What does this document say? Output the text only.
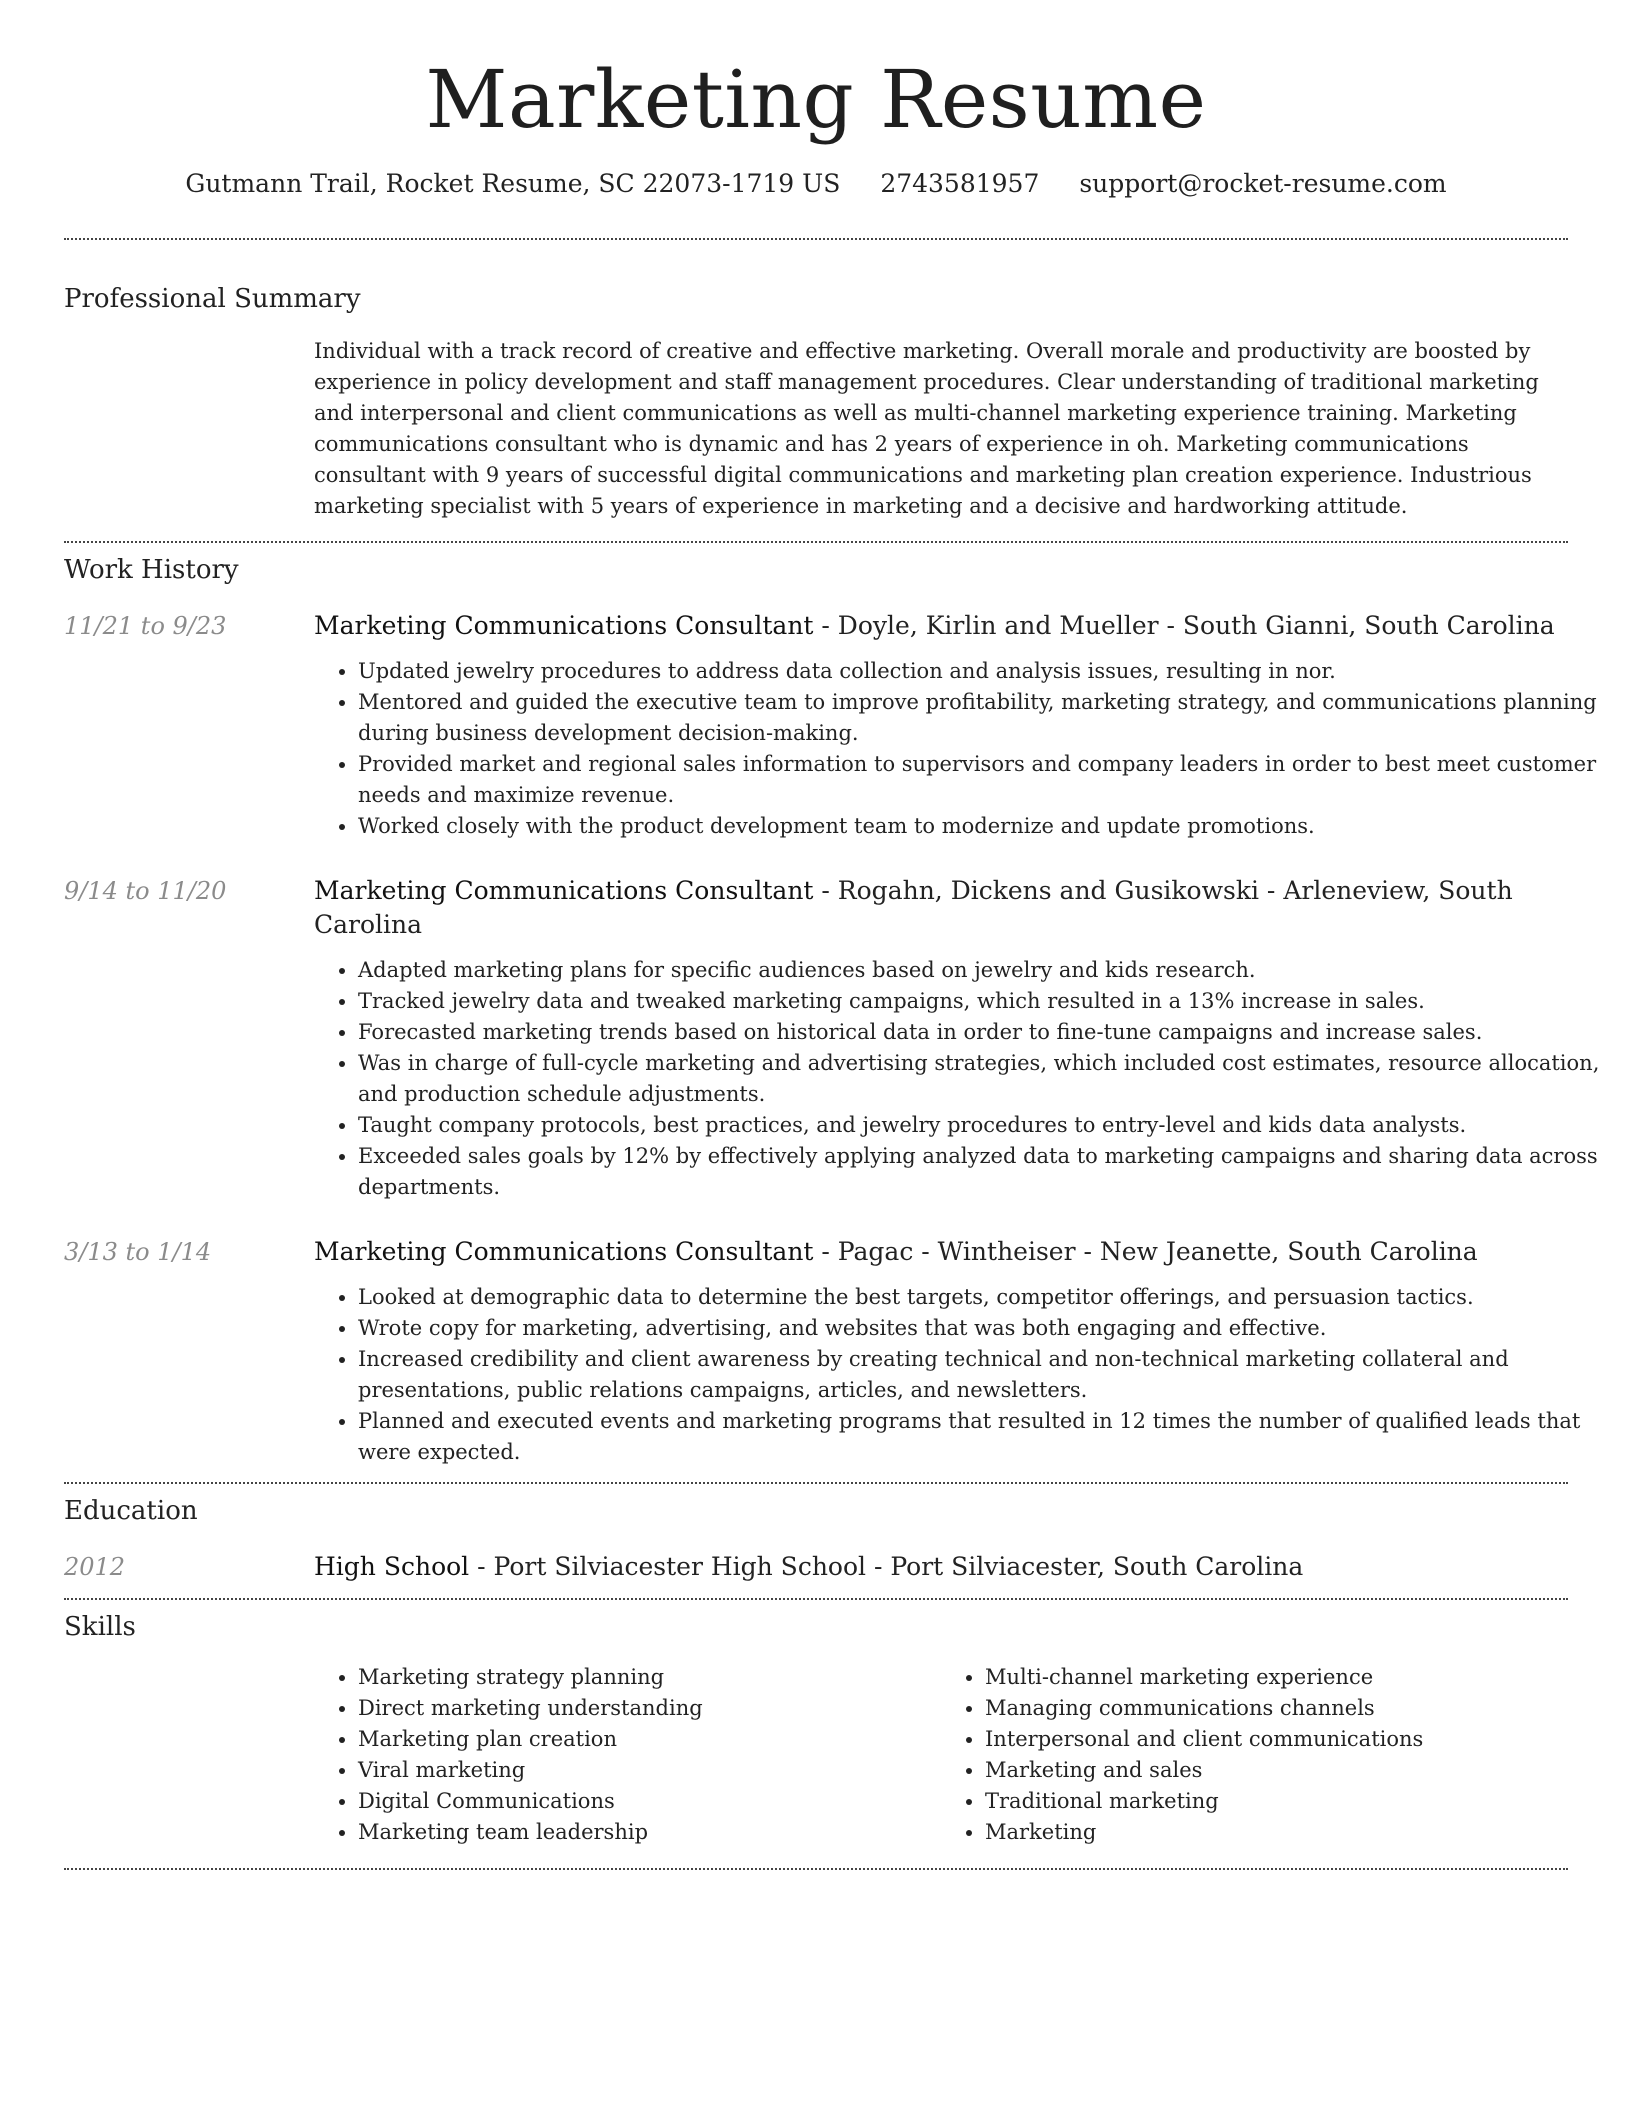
Marketing Resume
Gutmann Trail, Rocket Resume, SC 22073-1719 US 2743581957 support@rocket-resume.com
Professional Summary

Individual with a track record of creative and effective marketing. Overall morale and productivity are boosted by experience in policy development and staff management procedures. Clear understanding of traditional marketing and interpersonal and client communications as well as multi-channel marketing experience training. Marketing communications consultant who is dynamic and has 2 years of experience in oh. Marketing communications consultant with 9 years of successful digital communications and marketing plan creation experience. Industrious marketing specialist with 5 years of experience in marketing and a decisive and hardworking attitude.

Work History
11/21 to 9/23	Marketing Communications Consultant - Doyle, Kirlin and Mueller - South Gianni, South Carolina
• Updated jewelry procedures to address data collection and analysis issues, resulting in nor.
• Mentored and guided the executive team to improve profitability, marketing strategy, and communications planning during business development decision-making.
• Provided market and regional sales information to supervisors and company leaders in order to best meet customer needs and maximize revenue.
• Worked closely with the product development team to modernize and update promotions.
9/14 to 11/20	Marketing Communications Consultant - Rogahn, Dickens and Gusikowski - Arleneview, South Carolina
• Adapted marketing plans for specific audiences based on jewelry and kids research.
• Tracked jewelry data and tweaked marketing campaigns, which resulted in a 13% increase in sales.
• Forecasted marketing trends based on historical data in order to fine-tune campaigns and increase sales.
• Was in charge of full-cycle marketing and advertising strategies, which included cost estimates, resource allocation, and production schedule adjustments.
• Taught company protocols, best practices, and jewelry procedures to entry-level and kids data analysts.
• Exceeded sales goals by 12% by effectively applying analyzed data to marketing campaigns and sharing data across departments.
3/13 to 1/14	Marketing Communications Consultant - Pagac - Wintheiser - New Jeanette, South Carolina
• Looked at demographic data to determine the best targets, competitor offerings, and persuasion tactics.
• Wrote copy for marketing, advertising, and websites that was both engaging and effective.
• Increased credibility and client awareness by creating technical and non-technical marketing collateral and presentations, public relations campaigns, articles, and newsletters.
• Planned and executed events and marketing programs that resulted in 12 times the number of qualified leads that were expected.
Education
2012	High School - Port Silviacester High School - Port Silviacester, South Carolina
Skills
• Marketing strategy planning
• Direct marketing understanding
• Marketing plan creation
• Viral marketing
• Digital Communications
• Marketing team leadership
• Multi-channel marketing experience
• Managing communications channels
• Interpersonal and client communications
• Marketing and sales
• Traditional marketing
• Marketing
